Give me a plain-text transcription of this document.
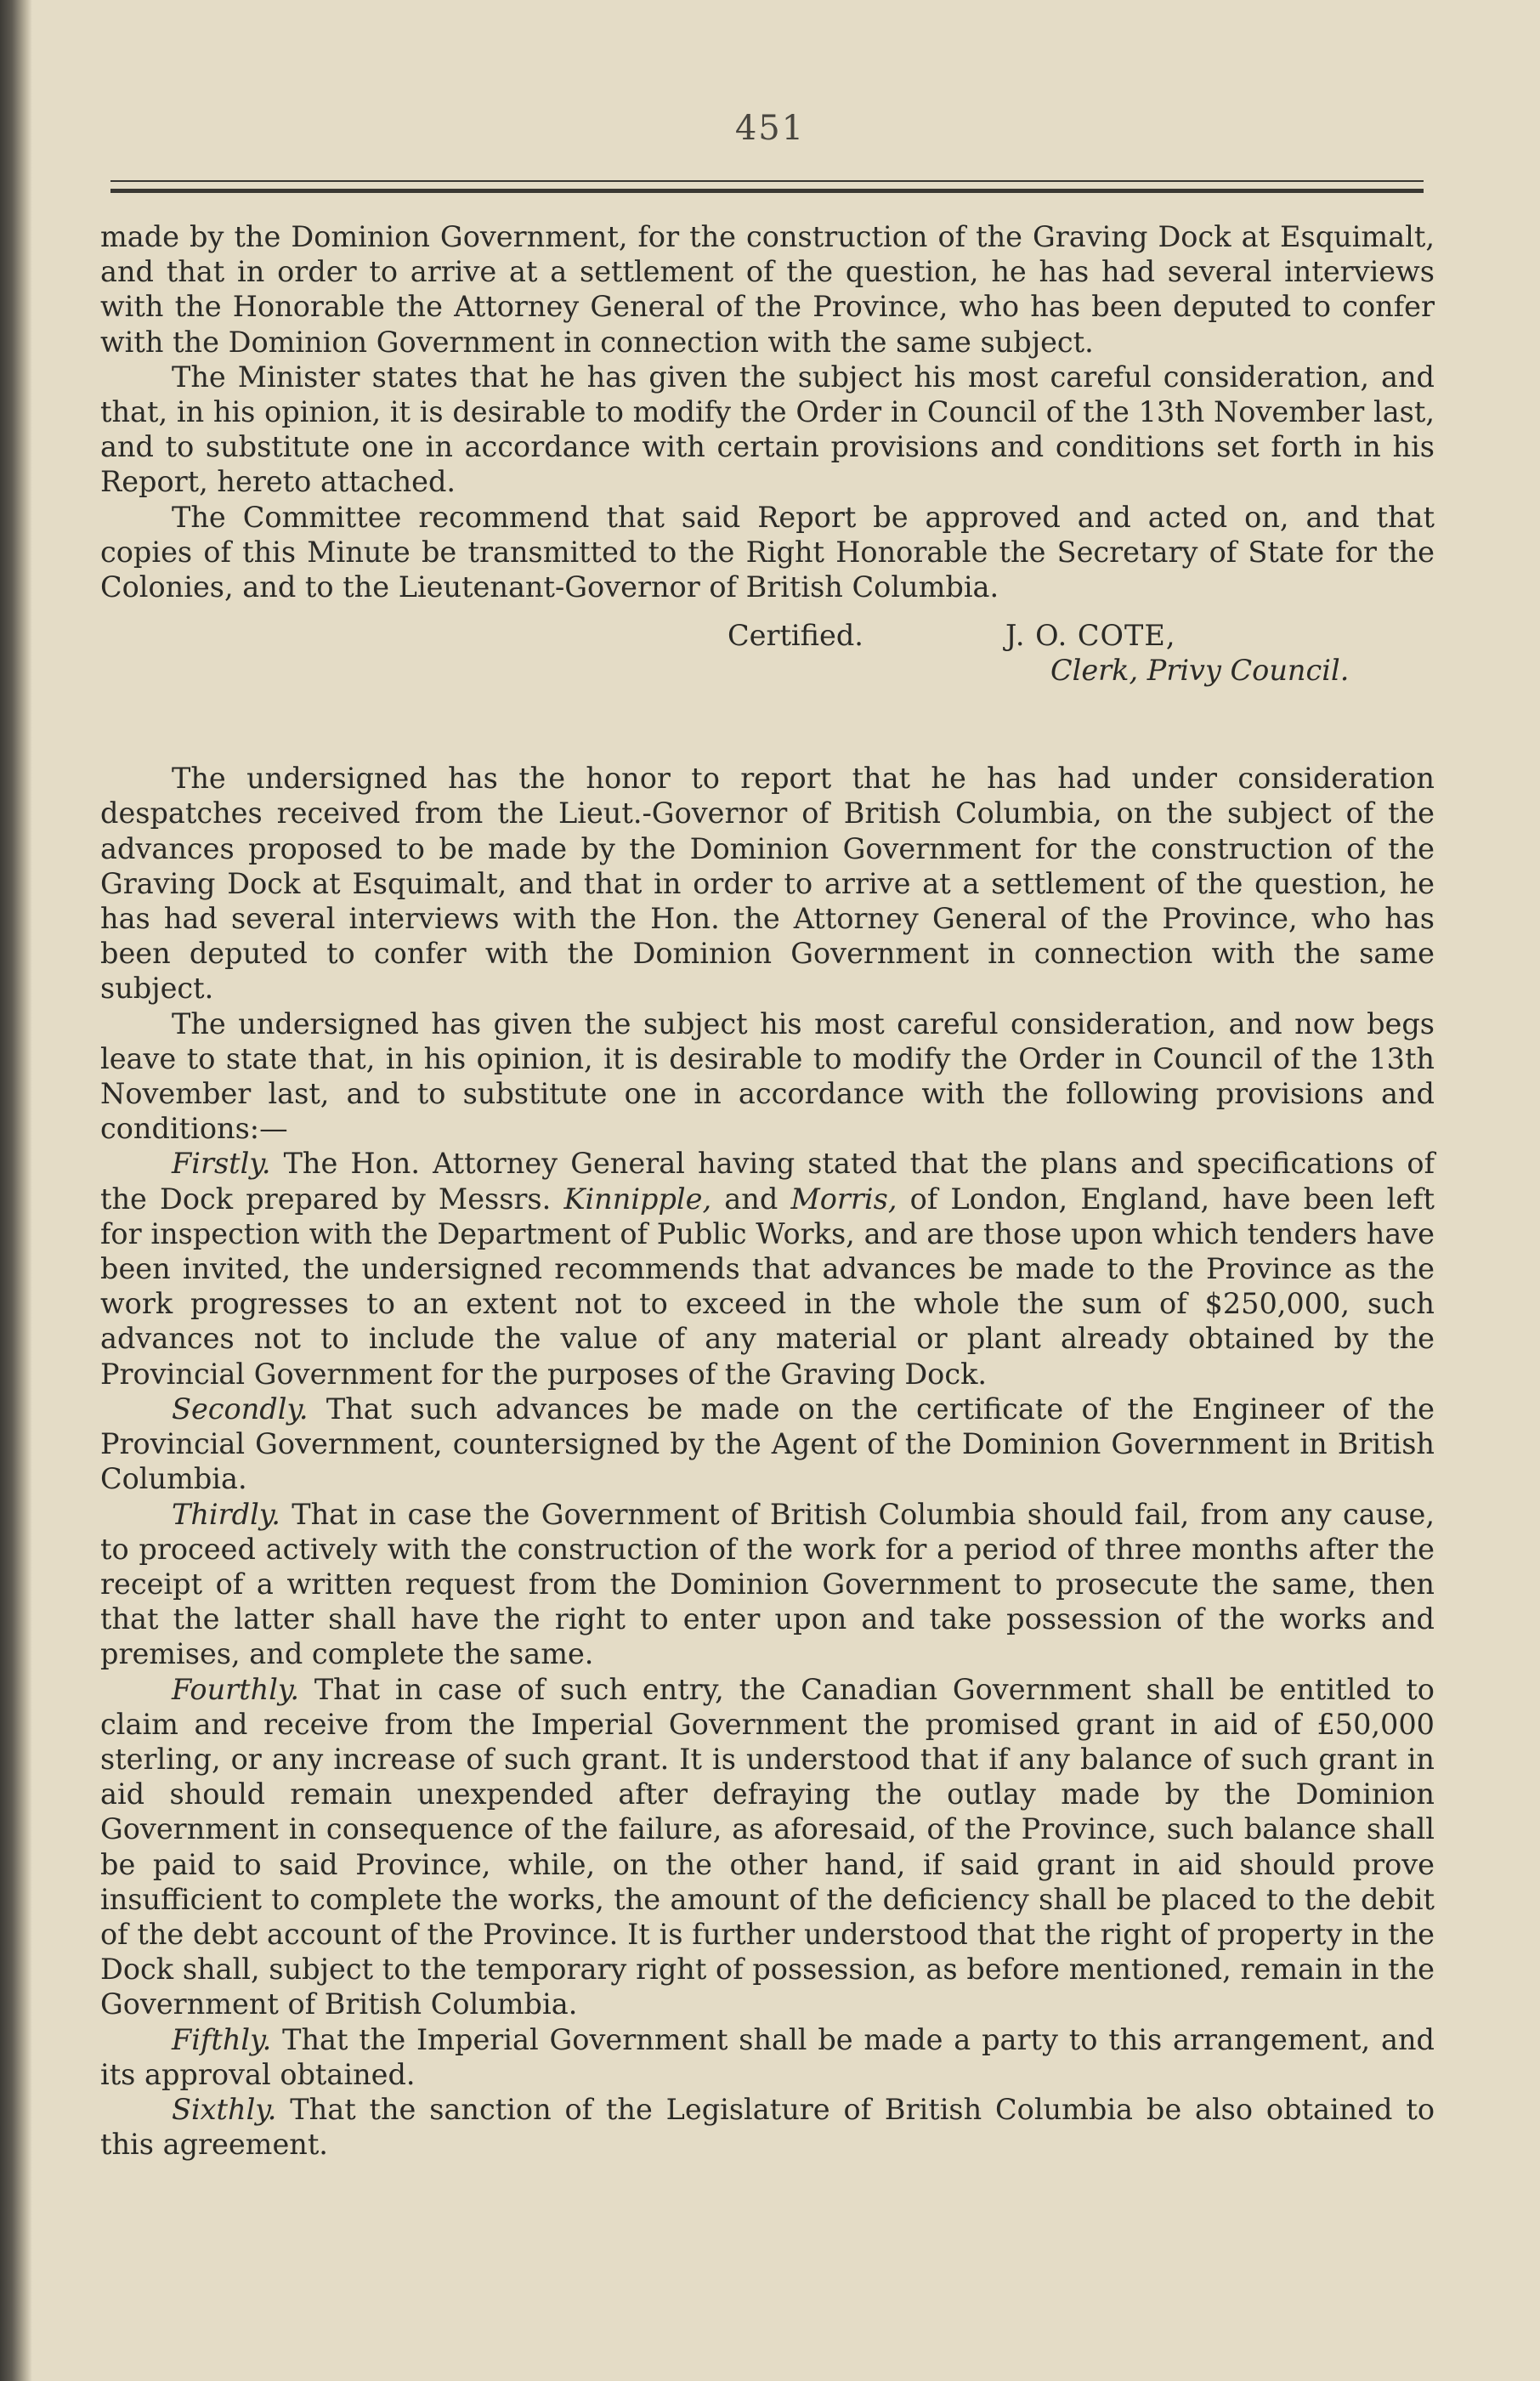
451

made by the Dominion Government, for the construction of the Graving Dock at Esquimalt, and that in order to arrive at a settlement of the question, he has had several interviews with the Honorable the Attorney General of the Province, who has been deputed to confer with the Dominion Government in connection with the same subject.

The Minister states that he has given the subject his most careful consideration, and that, in his opinion, it is desirable to modify the Order in Council of the 13th November last, and to substitute one in accordance with certain provisions and conditions set forth in his Report, hereto attached.

The Committee recommend that said Report be approved and acted on, and that copies of this Minute be transmitted to the Right Honorable the Secretary of State for the Colonies, and to the Lieutenant-Governor of British Columbia.

Certified.	J. O. COTE,
Clerk, Privy Council.

The undersigned has the honor to report that he has had under consideration despatches received from the Lieut.-Governor of British Columbia, on the subject of the advances proposed to be made by the Dominion Government for the construction of the Graving Dock at Esquimalt, and that in order to arrive at a settlement of the question, he has had several interviews with the Hon. the Attorney General of the Province, who has been deputed to confer with the Dominion Government in connection with the same subject.

The undersigned has given the subject his most careful consideration, and now begs leave to state that, in his opinion, it is desirable to modify the Order in Council of the 13th November last, and to substitute one in accordance with the following provisions and conditions:—

Firstly. The Hon. Attorney General having stated that the plans and specifications of the Dock prepared by Messrs. Kinnipple, and Morris, of London, England, have been left for inspection with the Department of Public Works, and are those upon which tenders have been invited, the undersigned recommends that advances be made to the Province as the work progresses to an extent not to exceed in the whole the sum of $250,000, such advances not to include the value of any material or plant already obtained by the Provincial Government for the purposes of the Graving Dock.

Secondly. That such advances be made on the certificate of the Engineer of the Provincial Government, countersigned by the Agent of the Dominion Government in British Columbia.

Thirdly. That in case the Government of British Columbia should fail, from any cause, to proceed actively with the construction of the work for a period of three months after the receipt of a written request from the Dominion Government to prosecute the same, then that the latter shall have the right to enter upon and take possession of the works and premises, and complete the same.

Fourthly. That in case of such entry, the Canadian Government shall be entitled to claim and receive from the Imperial Government the promised grant in aid of £50,000 sterling, or any increase of such grant. It is understood that if any balance of such grant in aid should remain unexpended after defraying the outlay made by the Dominion Government in consequence of the failure, as aforesaid, of the Province, such balance shall be paid to said Province, while, on the other hand, if said grant in aid should prove insufficient to complete the works, the amount of the deficiency shall be placed to the debit of the debt account of the Province. It is further understood that the right of property in the Dock shall, subject to the temporary right of possession, as before mentioned, remain in the Government of British Columbia.

Fifthly. That the Imperial Government shall be made a party to this arrangement, and its approval obtained.

Sixthly. That the sanction of the Legislature of British Columbia be also obtained to this agreement.
